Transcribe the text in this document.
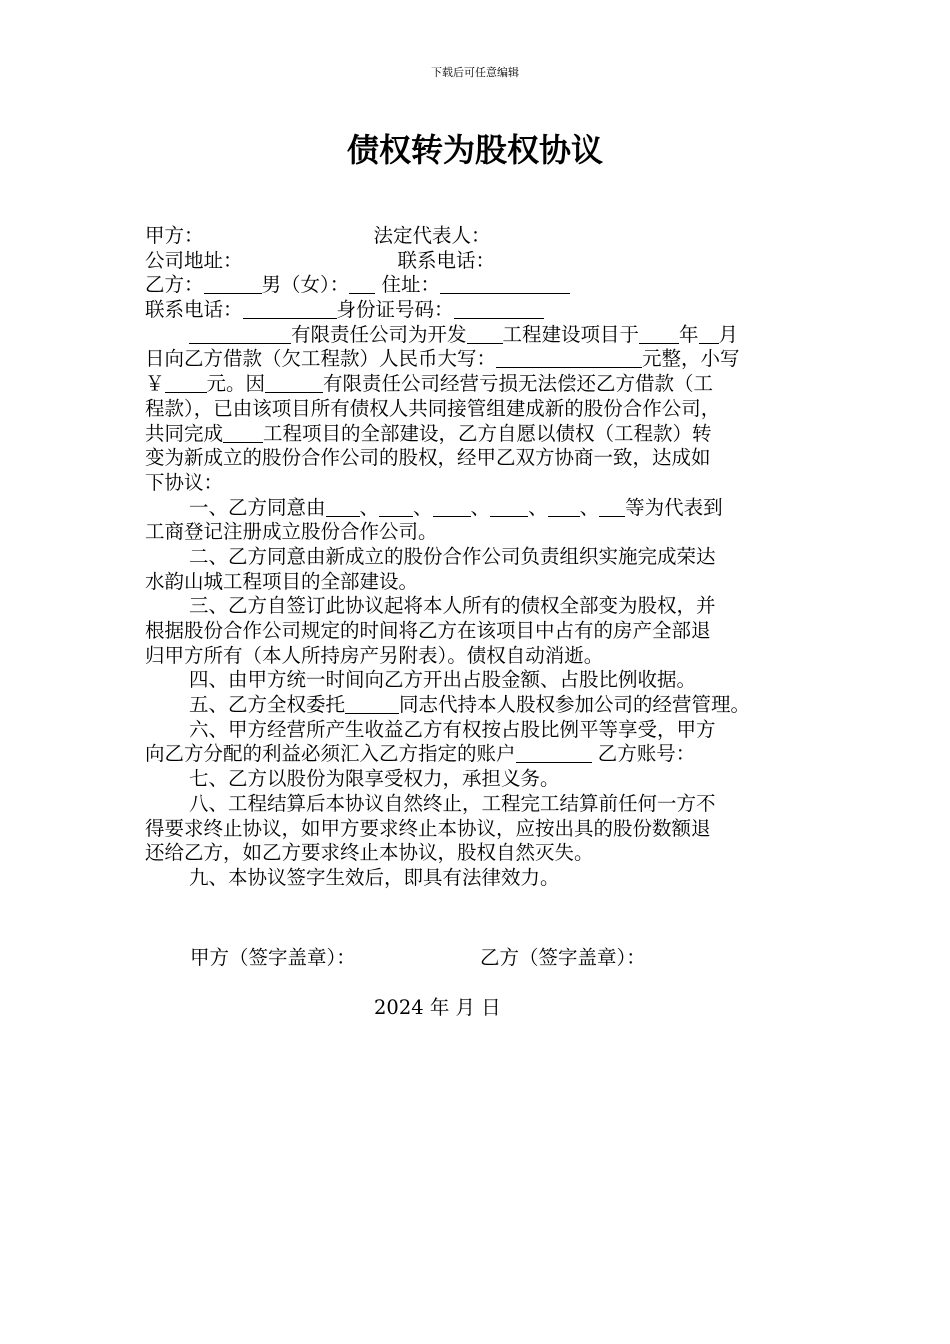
下载后可任意编辑
债权转为股权协议
甲方：	法定代表人：
公司地址：	联系电话：
乙方：	男（女）： 住址：
联系电话：	身份证号码：
有限责任公司为开发 工程建设项目于 年 月
日向乙方借款（欠工程款）人民币大写：	元整，小写
￥ 元。因	有限责任公司经营亏损无法偿还乙方借款（工
程款），已由该项目所有债权人共同接管组建成新的股份合作公司，
共同完成 工程项目的全部建设，乙方自愿以债权（工程款）转
变为新成立的股份合作公司的股权，经甲乙双方协商一致，达成如
下协议：
一、乙方同意由 、 、 、 、 、 等为代表到
工商登记注册成立股份合作公司。
二、乙方同意由新成立的股份合作公司负责组织实施完成荣达
水韵山城工程项目的全部建设。
三、乙方自签订此协议起将本人所有的债权全部变为股权，并
根据股份合作公司规定的时间将乙方在该项目中占有的房产全部退
归甲方所有（本人所持房产另附表）。债权自动消逝。
四、由甲方统一时间向乙方开出占股金额、占股比例收据。
五、乙方全权委托	同志代持本人股权参加公司的经营管理。
六、甲方经营所产生收益乙方有权按占股比例平等享受，甲方
向乙方分配的利益必须汇入乙方指定的账户	乙方账号：
七、乙方以股份为限享受权力，承担义务。
八、工程结算后本协议自然终止，工程完工结算前任何一方不
得要求终止协议，如甲方要求终止本协议，应按出具的股份数额退
还给乙方，如乙方要求终止本协议，股权自然灭失。
九、本协议签字生效后，即具有法律效力。
甲方（签字盖章）：	乙方（签字盖章）：
2024 年 月 日
